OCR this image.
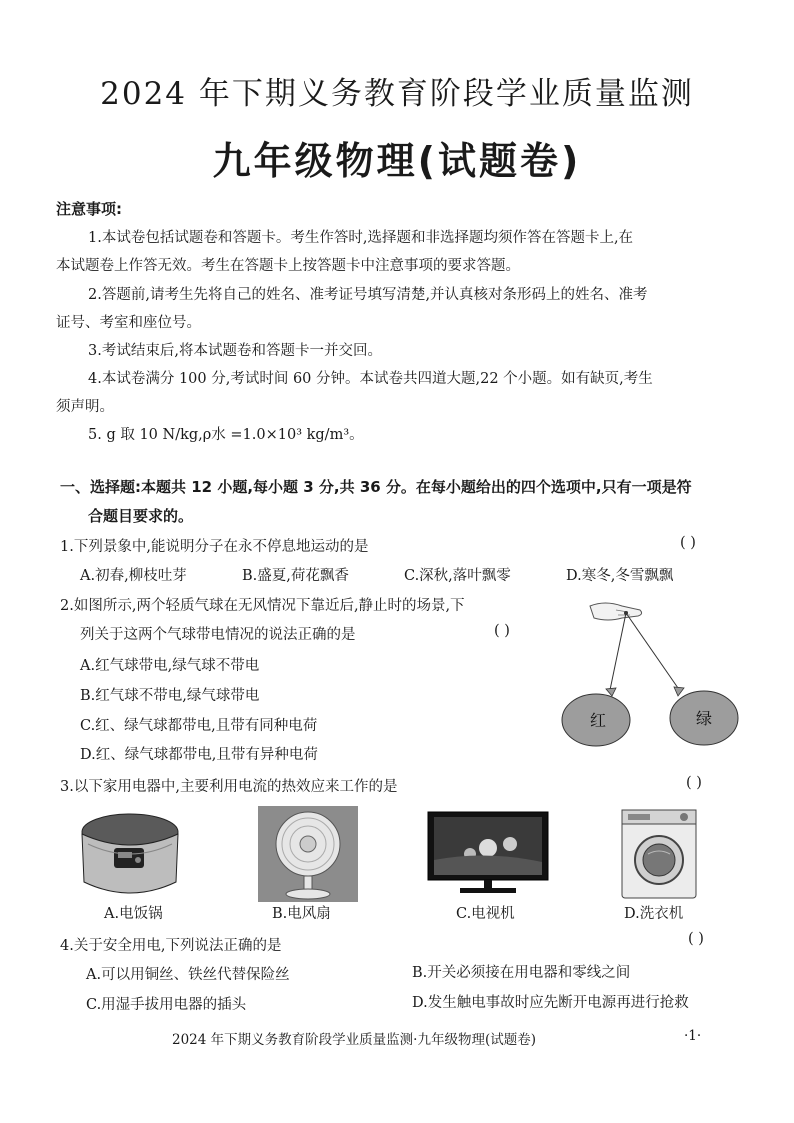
2024 年下期义务教育阶段学业质量监测
九年级物理(试题卷)
注意事项:
1.本试卷包括试题卷和答题卡。考生作答时,选择题和非选择题均须作答在答题卡上,在
本试题卷上作答无效。考生在答题卡上按答题卡中注意事项的要求答题。
2.答题前,请考生先将自己的姓名、准考证号填写清楚,并认真核对条形码上的姓名、准考
证号、考室和座位号。
3.考试结束后,将本试题卷和答题卡一并交回。
4.本试卷满分 100 分,考试时间 60 分钟。本试卷共四道大题,22 个小题。如有缺页,考生
须声明。
5. g 取 10 N/kg,ρ水 =1.0×10³ kg/m³。
一、选择题:本题共 12 小题,每小题 3 分,共 36 分。在每小题给出的四个选项中,只有一项是符
合题目要求的。
1.下列景象中,能说明分子在永不停息地运动的是	( )
A.初春,柳枝吐芽	B.盛夏,荷花飘香	C.深秋,落叶飘零	D.寒冬,冬雪飘飘
2.如图所示,两个轻质气球在无风情况下靠近后,静止时的场景,下
列关于这两个气球带电情况的说法正确的是	( )
A.红气球带电,绿气球不带电
B.红气球不带电,绿气球带电
C.红、绿气球都带电,且带有同种电荷
D.红、绿气球都带电,且带有异种电荷
红	绿
3.以下家用电器中,主要利用电流的热效应来工作的是	( )
A.电饭锅	B.电风扇	C.电视机	D.洗衣机
4.关于安全用电,下列说法正确的是	( )
A.可以用铜丝、铁丝代替保险丝	B.开关必须接在用电器和零线之间
C.用湿手拔用电器的插头	D.发生触电事故时应先断开电源再进行抢救
2024 年下期义务教育阶段学业质量监测·九年级物理(试题卷)	·1·
